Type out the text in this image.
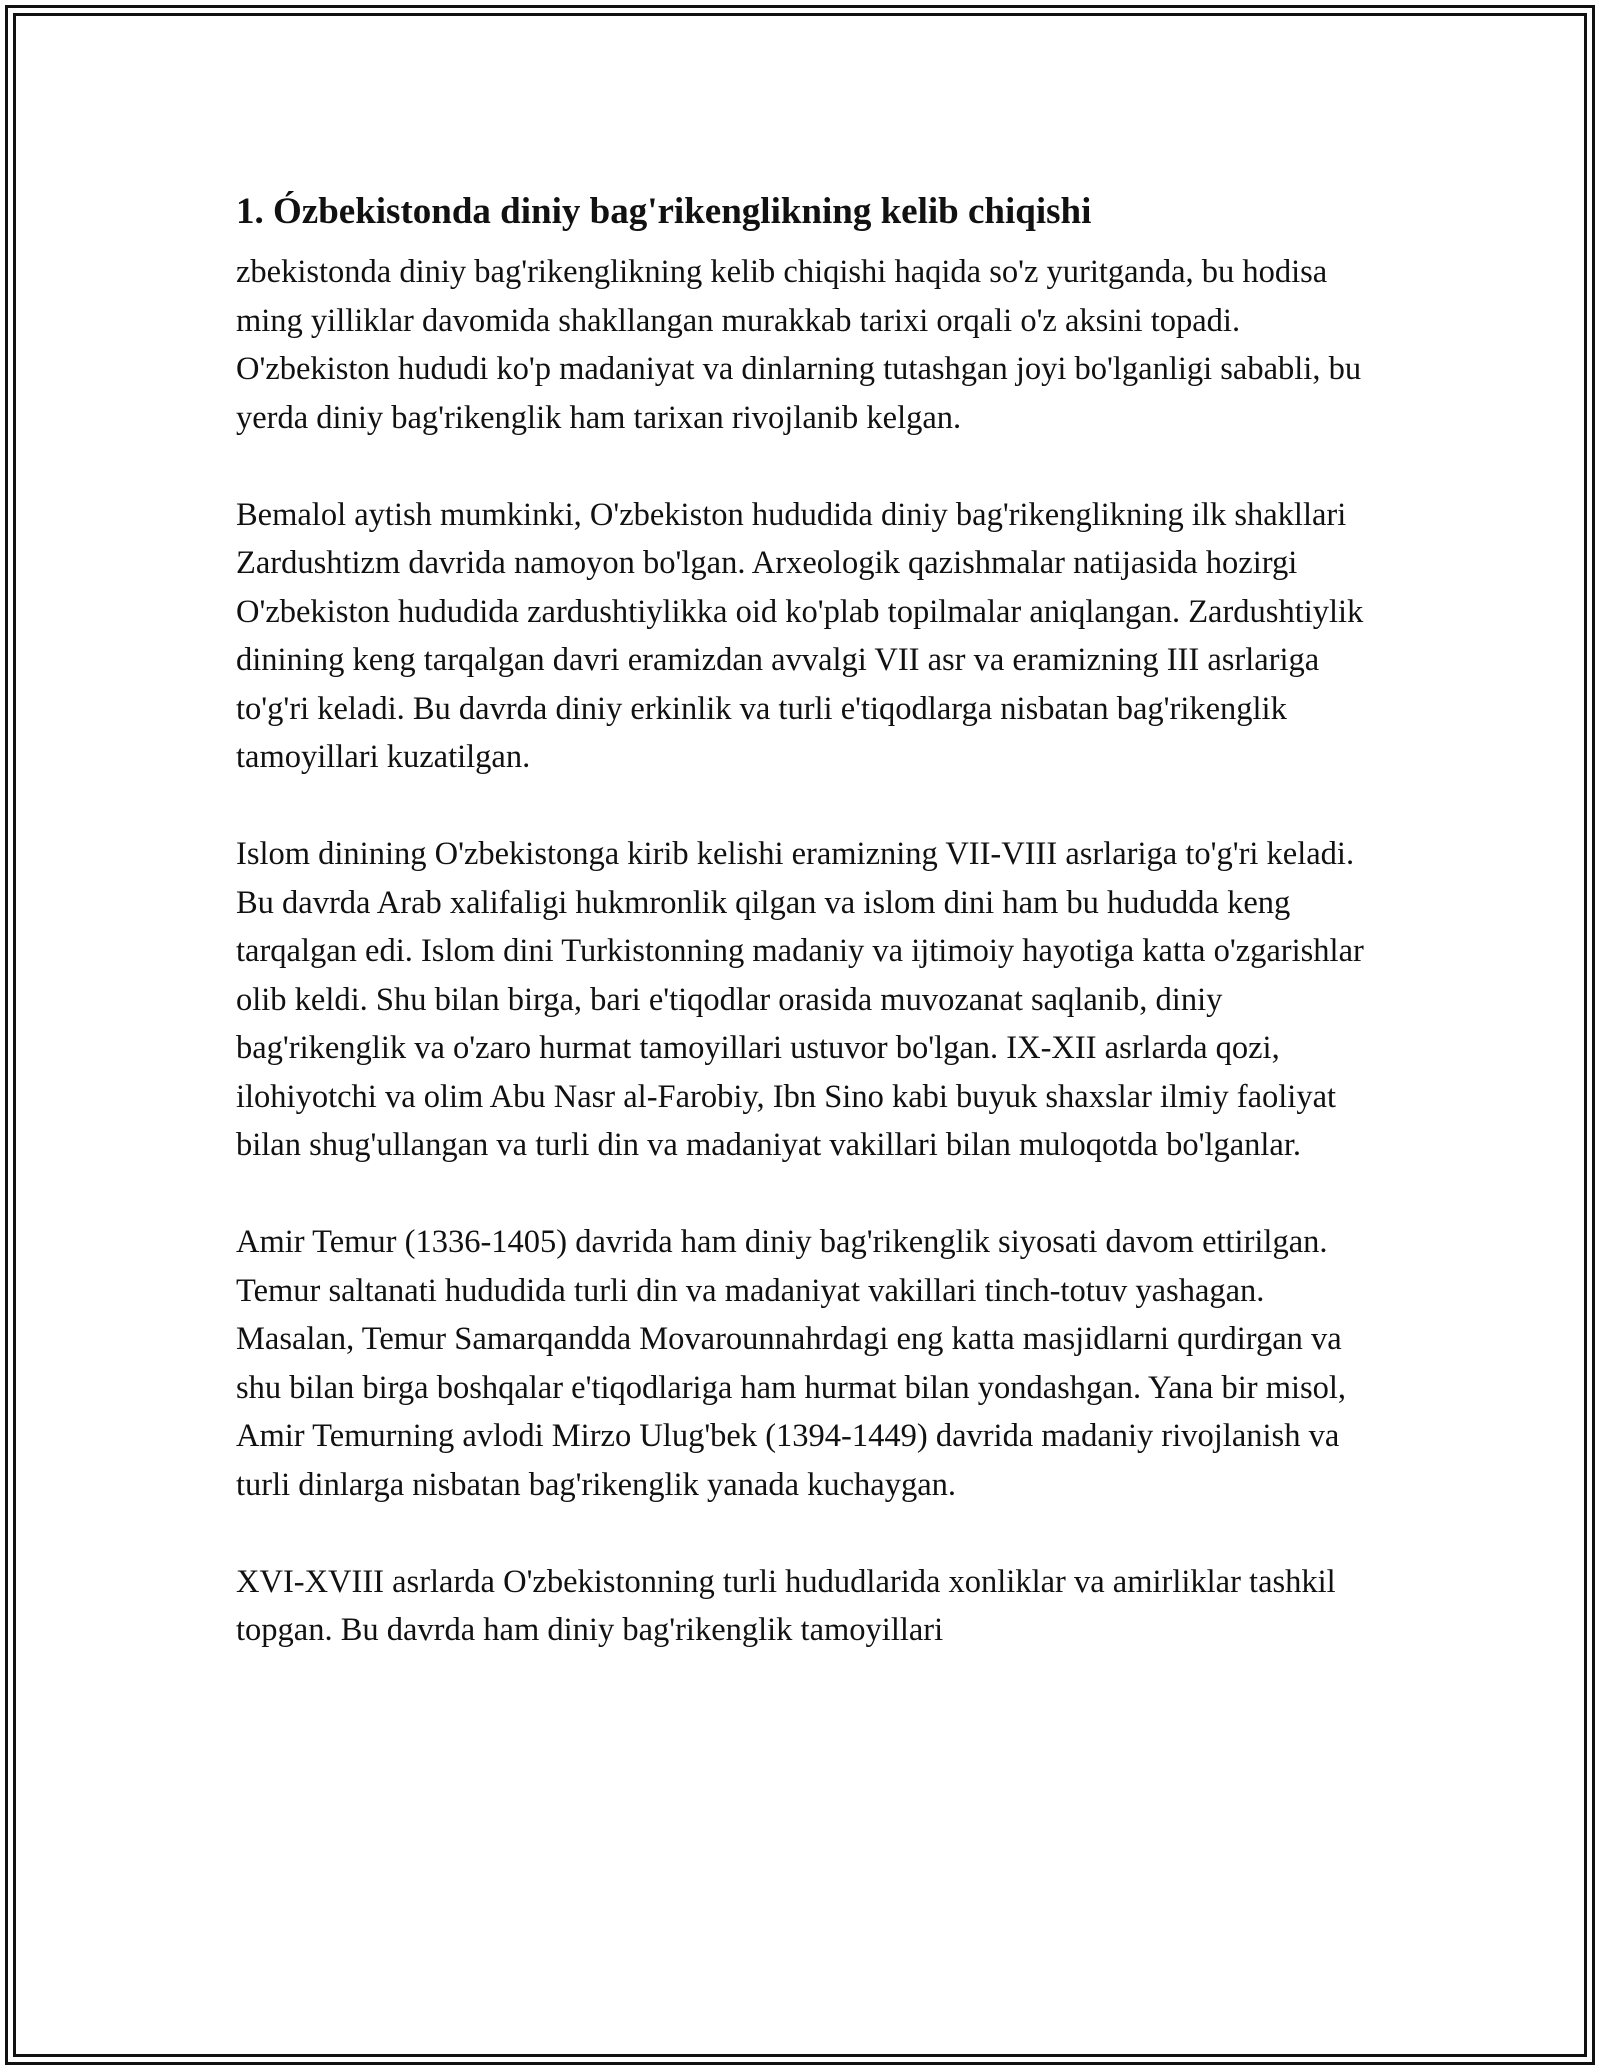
1. Ózbekistonda diniy bag'rikenglikning kelib chiqishi

zbekistonda diniy bag'rikenglikning kelib chiqishi haqida so'z yuritganda, bu hodisa ming yilliklar davomida shakllangan murakkab tarixi orqali o'z aksini topadi. O'zbekiston hududi ko'p madaniyat va dinlarning tutashgan joyi bo'lganligi sababli, bu yerda diniy bag'rikenglik ham tarixan rivojlanib kelgan.

Bemalol aytish mumkinki, O'zbekiston hududida diniy bag'rikenglikning ilk shakllari Zardushtizm davrida namoyon bo'lgan. Arxeologik qazishmalar natijasida hozirgi O'zbekiston hududida zardushtiylikka oid ko'plab topilmalar aniqlangan. Zardushtiylik dinining keng tarqalgan davri eramizdan avvalgi VII asr va eramizning III asrlariga to'g'ri keladi. Bu davrda diniy erkinlik va turli e'tiqodlarga nisbatan bag'rikenglik tamoyillari kuzatilgan.

Islom dinining O'zbekistonga kirib kelishi eramizning VII-VIII asrlariga to'g'ri keladi. Bu davrda Arab xalifaligi hukmronlik qilgan va islom dini ham bu hududda keng tarqalgan edi. Islom dini Turkistonning madaniy va ijtimoiy hayotiga katta o'zgarishlar olib keldi. Shu bilan birga, bari e'tiqodlar orasida muvozanat saqlanib, diniy bag'rikenglik va o'zaro hurmat tamoyillari ustuvor bo'lgan. IX-XII asrlarda qozi, ilohiyotchi va olim Abu Nasr al-Farobiy, Ibn Sino kabi buyuk shaxslar ilmiy faoliyat bilan shug'ullangan va turli din va madaniyat vakillari bilan muloqotda bo'lganlar.

Amir Temur (1336-1405) davrida ham diniy bag'rikenglik siyosati davom ettirilgan. Temur saltanati hududida turli din va madaniyat vakillari tinch-totuv yashagan. Masalan, Temur Samarqandda Movarounnahrdagi eng katta masjidlarni qurdirgan va shu bilan birga boshqalar e'tiqodlariga ham hurmat bilan yondashgan. Yana bir misol, Amir Temurning avlodi Mirzo Ulug'bek (1394-1449) davrida madaniy rivojlanish va turli dinlarga nisbatan bag'rikenglik yanada kuchaygan.

XVI-XVIII asrlarda O'zbekistonning turli hududlarida xonliklar va amirliklar tashkil topgan. Bu davrda ham diniy bag'rikenglik tamoyillari
